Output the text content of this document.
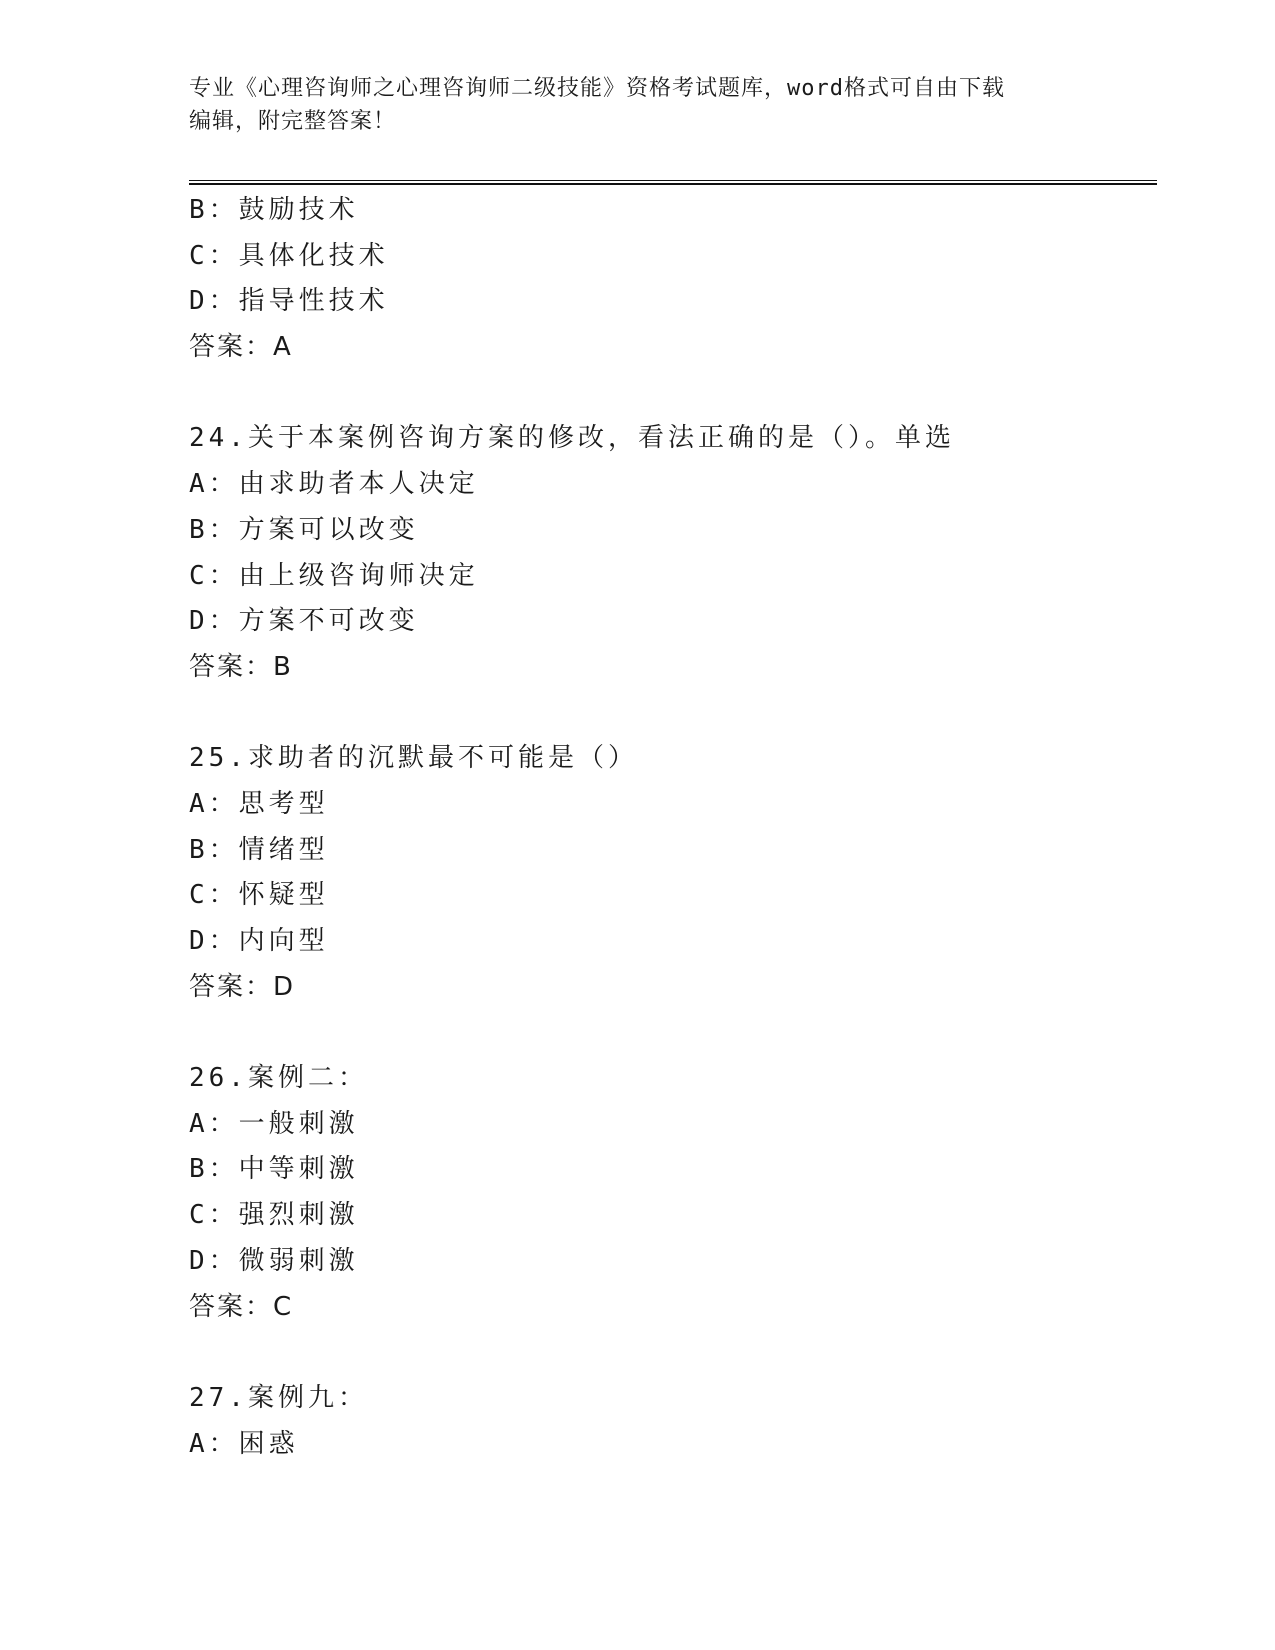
专业《心理咨询师之心理咨询师二级技能》资格考试题库，word格式可自由下载
编辑，附完整答案！
B：鼓励技术
C：具体化技术
D：指导性技术
答案：A
24.关于本案例咨询方案的修改，看法正确的是（）。单选
A：由求助者本人决定
B：方案可以改变
C：由上级咨询师决定
D：方案不可改变
答案：B
25.求助者的沉默最不可能是（）
A：思考型
B：情绪型
C：怀疑型
D：内向型
答案：D
26.案例二：
A：一般刺激
B：中等刺激
C：强烈刺激
D：微弱刺激
答案：C
27.案例九：
A：困惑
